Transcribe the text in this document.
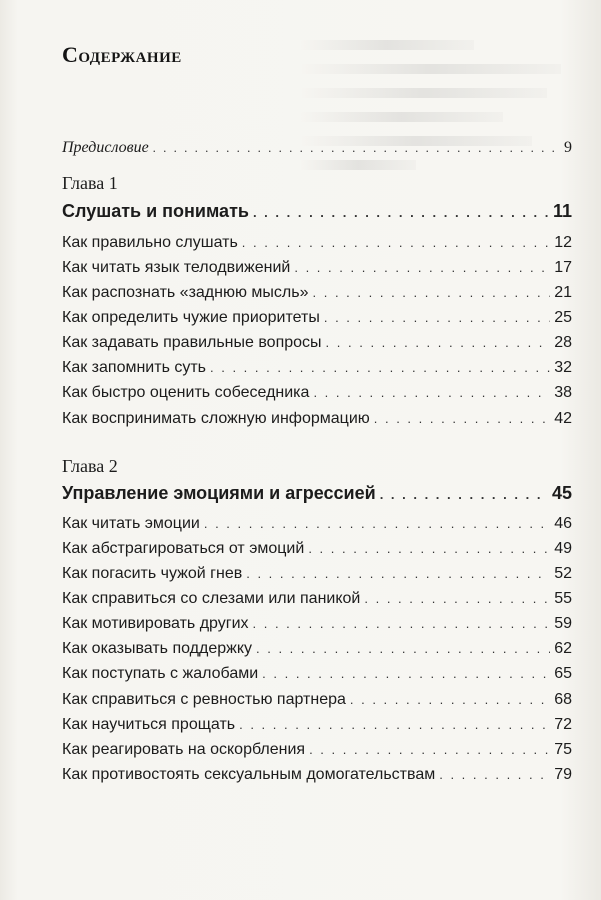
Содержание
Предисловие . . .	9
Глава 1
Слушать и понимать . . .	11
Как правильно слушать . . .	12
Как читать язык телодвижений . . .	17
Как распознать «заднюю мысль» . . .	21
Как определить чужие приоритеты . . .	25
Как задавать правильные вопросы . . .	28
Как запомнить суть . . .	32
Как быстро оценить собеседника . . .	38
Как воспринимать сложную информацию . . .	42
Глава 2
Управление эмоциями и агрессией . . .	45
Как читать эмоции . . .	46
Как абстрагироваться от эмоций . . .	49
Как погасить чужой гнев . . .	52
Как справиться со слезами или паникой . . .	55
Как мотивировать других . . .	59
Как оказывать поддержку . . .	62
Как поступать с жалобами . . .	65
Как справиться с ревностью партнера . . .	68
Как научиться прощать . . .	72
Как реагировать на оскорбления . . .	75
Как противостоять сексуальным домогательствам . . .	79
